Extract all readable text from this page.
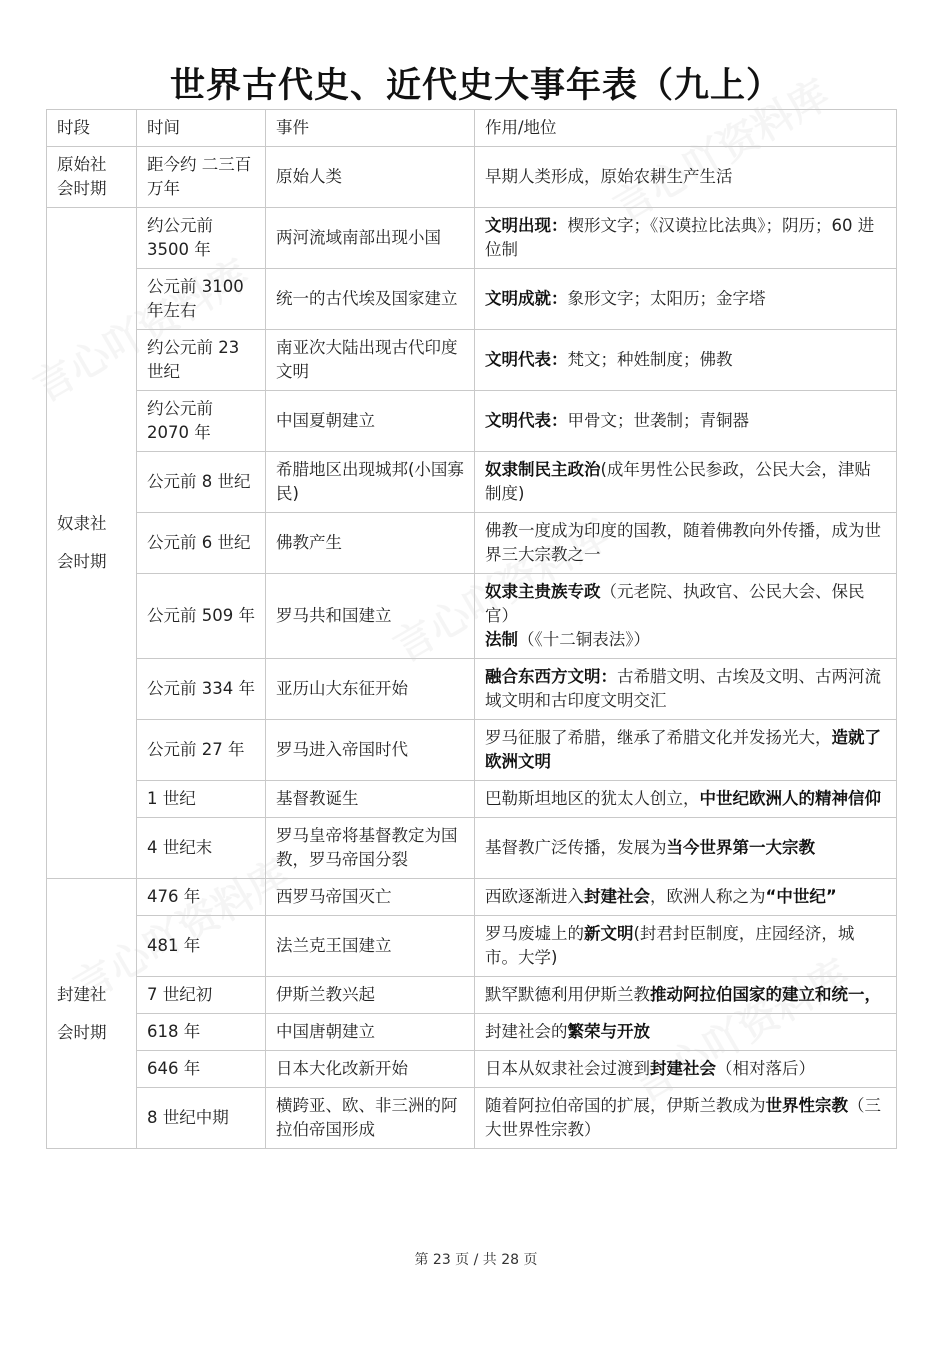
世界古代史、近代史大事年表（九上）
时段	时间	事件	作用/地位

原始社会时期	距今约 二三百万年	原始人类	早期人类形成，原始农耕生产生活

奴隶社会时期	约公元前 3500 年	两河流域南部出现小国	文明出现：楔形文字；《汉谟拉比法典》；阴历；60 进位制
	公元前 3100 年左右	统一的古代埃及国家建立	文明成就：象形文字；太阳历；金字塔
	约公元前 23 世纪	南亚次大陆出现古代印度文明	文明代表：梵文；种姓制度；佛教
	约公元前 2070 年	中国夏朝建立	文明代表：甲骨文；世袭制；青铜器
	公元前 8 世纪	希腊地区出现城邦(小国寡民)	奴隶制民主政治(成年男性公民参政，公民大会，津贴制度)
	公元前 6 世纪	佛教产生	佛教一度成为印度的国教，随着佛教向外传播，成为世界三大宗教之一
	公元前 509 年	罗马共和国建立	奴隶主贵族专政（元老院、执政官、公民大会、保民官）
法制（《十二铜表法》）
	公元前 334 年	亚历山大东征开始	融合东西方文明：古希腊文明、古埃及文明、古两河流域文明和古印度文明交汇
	公元前 27 年	罗马进入帝国时代	罗马征服了希腊，继承了希腊文化并发扬光大，造就了欧洲文明
	1 世纪	基督教诞生	巴勒斯坦地区的犹太人创立，中世纪欧洲人的精神信仰
	4 世纪末	罗马皇帝将基督教定为国教，罗马帝国分裂	基督教广泛传播，发展为当今世界第一大宗教

封建社会时期	476 年	西罗马帝国灭亡	西欧逐渐进入封建社会，欧洲人称之为“中世纪”
	481 年	法兰克王国建立	罗马废墟上的新文明(封君封臣制度，庄园经济，城市。大学)
	7 世纪初	伊斯兰教兴起	默罕默德利用伊斯兰教推动阿拉伯国家的建立和统一，
	618 年	中国唐朝建立	封建社会的繁荣与开放
	646 年	日本大化改新开始	日本从奴隶社会过渡到封建社会（相对落后）
	8 世纪中期	横跨亚、欧、非三洲的阿拉伯帝国形成	随着阿拉伯帝国的扩展，伊斯兰教成为世界性宗教（三大世界性宗教）
第 23 页 / 共 28 页
